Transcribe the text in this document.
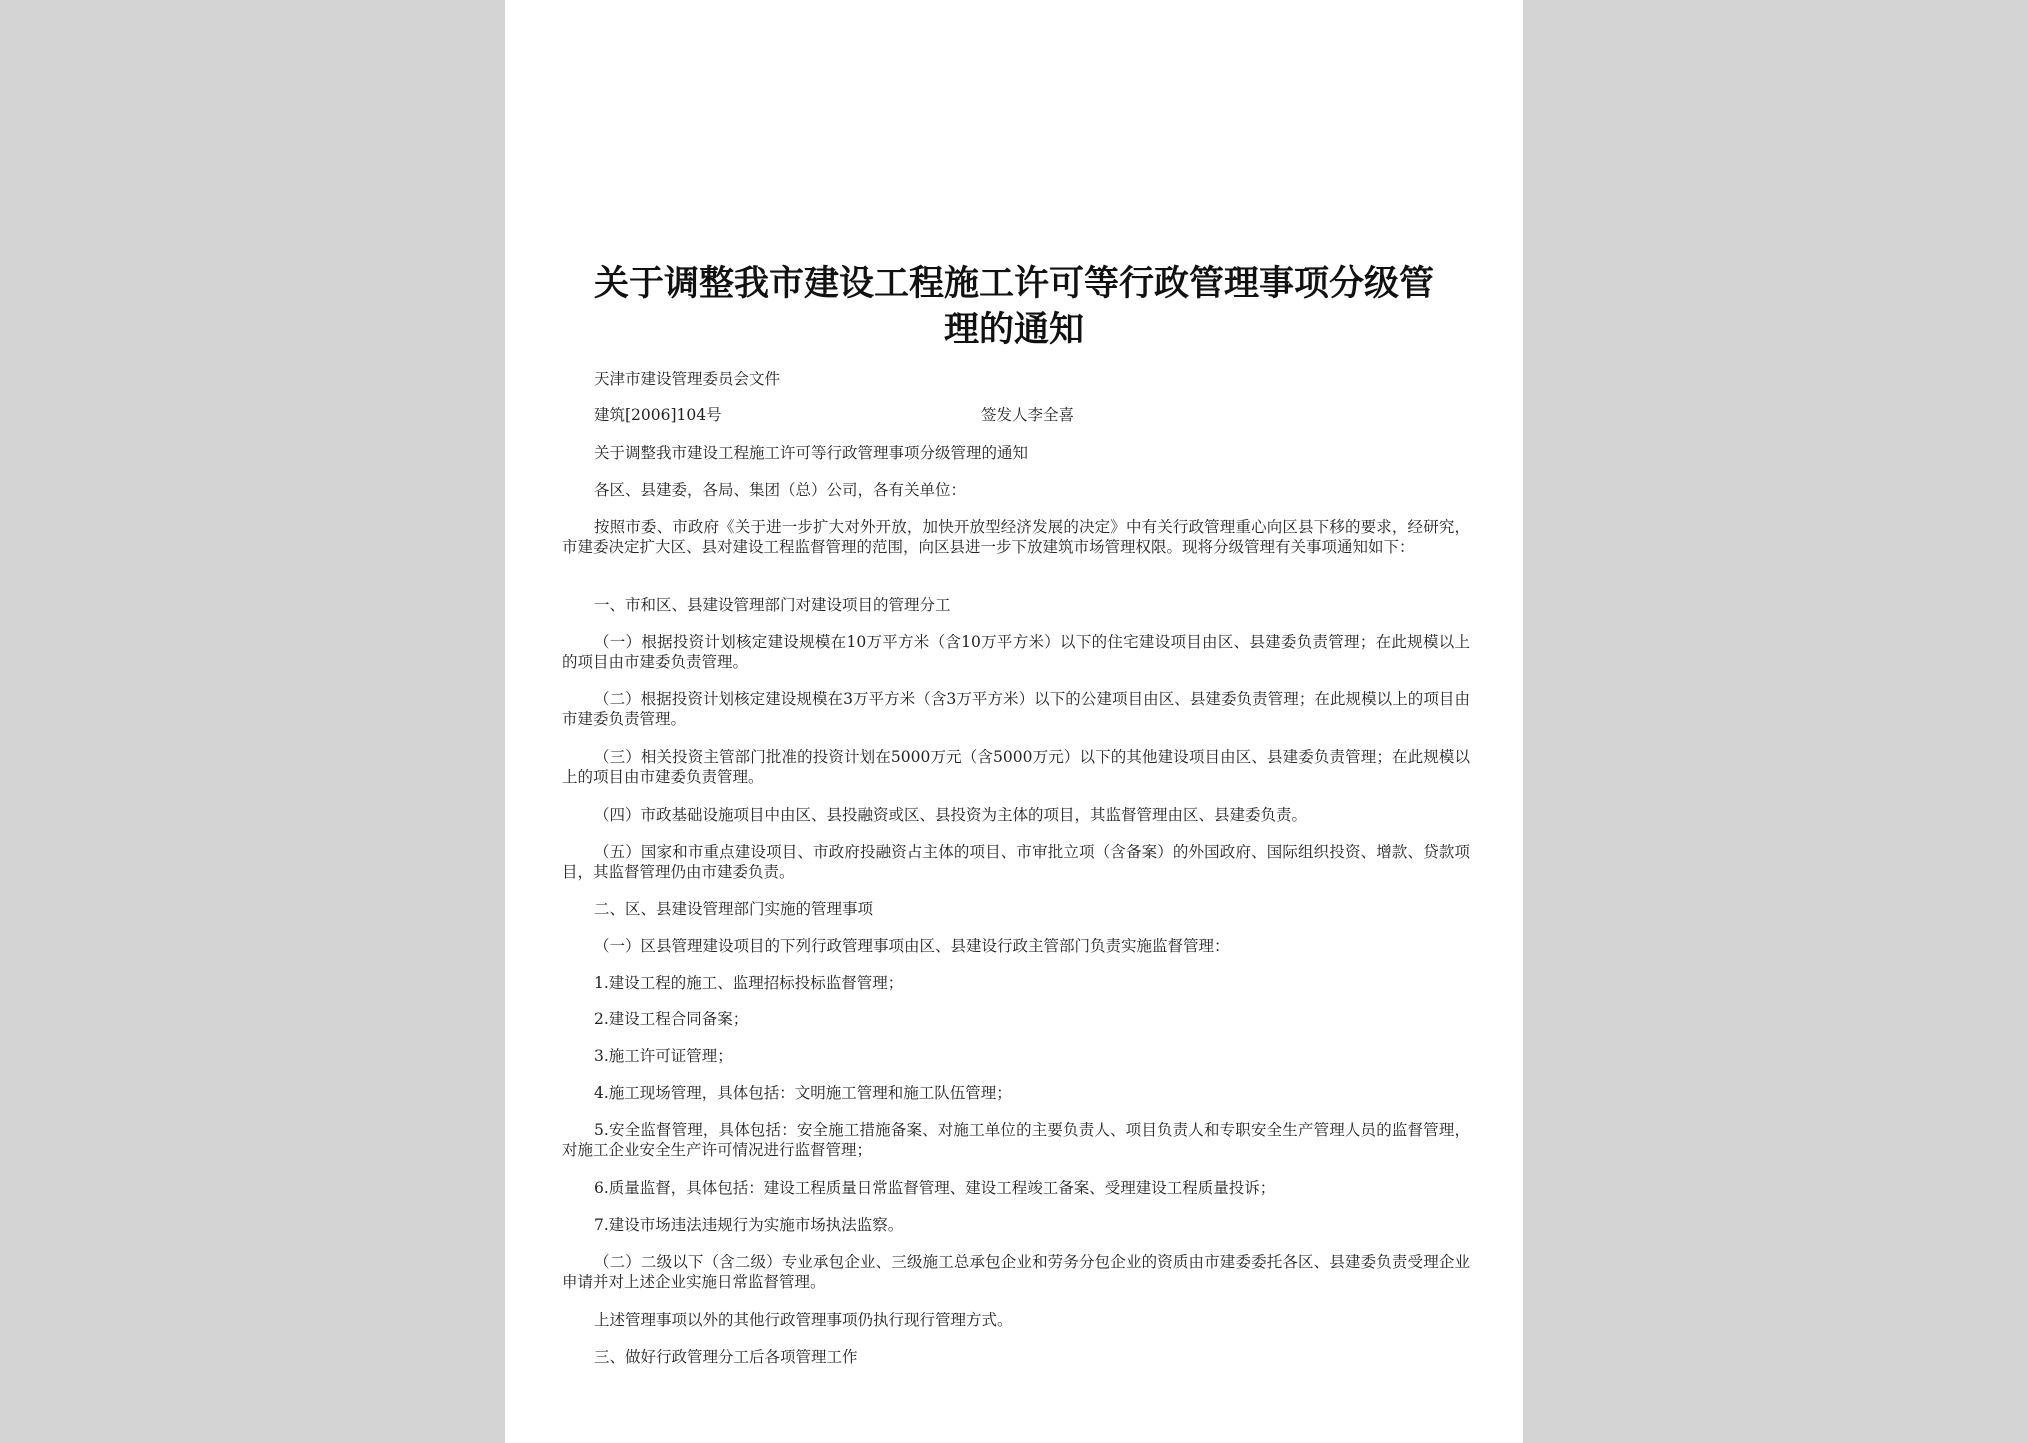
关于调整我市建设工程施工许可等行政管理事项分级管
理的通知

天津市建设管理委员会文件

建筑[2006]104号	签发人李全喜

关于调整我市建设工程施工许可等行政管理事项分级管理的通知

各区、县建委，各局、集团（总）公司，各有关单位：

按照市委、市政府《关于进一步扩大对外开放，加快开放型经济发展的决定》中有关行政管理重心向区县下移的要求，经研究，市建委决定扩大区、县对建设工程监督管理的范围，向区县进一步下放建筑市场管理权限。现将分级管理有关事项通知如下：

一、市和区、县建设管理部门对建设项目的管理分工

（一）根据投资计划核定建设规模在10万平方米（含10万平方米）以下的住宅建设项目由区、县建委负责管理；在此规模以上的项目由市建委负责管理。

（二）根据投资计划核定建设规模在3万平方米（含3万平方米）以下的公建项目由区、县建委负责管理；在此规模以上的项目由市建委负责管理。

（三）相关投资主管部门批准的投资计划在5000万元（含5000万元）以下的其他建设项目由区、县建委负责管理；在此规模以上的项目由市建委负责管理。

（四）市政基础设施项目中由区、县投融资或区、县投资为主体的项目，其监督管理由区、县建委负责。

（五）国家和市重点建设项目、市政府投融资占主体的项目、市审批立项（含备案）的外国政府、国际组织投资、增款、贷款项目，其监督管理仍由市建委负责。

二、区、县建设管理部门实施的管理事项

（一）区县管理建设项目的下列行政管理事项由区、县建设行政主管部门负责实施监督管理：

1.建设工程的施工、监理招标投标监督管理；

2.建设工程合同备案；

3.施工许可证管理；

4.施工现场管理，具体包括：文明施工管理和施工队伍管理；

5.安全监督管理，具体包括：安全施工措施备案、对施工单位的主要负责人、项目负责人和专职安全生产管理人员的监督管理，对施工企业安全生产许可情况进行监督管理；

6.质量监督，具体包括：建设工程质量日常监督管理、建设工程竣工备案、受理建设工程质量投诉；

7.建设市场违法违规行为实施市场执法监察。

（二）二级以下（含二级）专业承包企业、三级施工总承包企业和劳务分包企业的资质由市建委委托各区、县建委负责受理企业申请并对上述企业实施日常监督管理。

上述管理事项以外的其他行政管理事项仍执行现行管理方式。

三、做好行政管理分工后各项管理工作
